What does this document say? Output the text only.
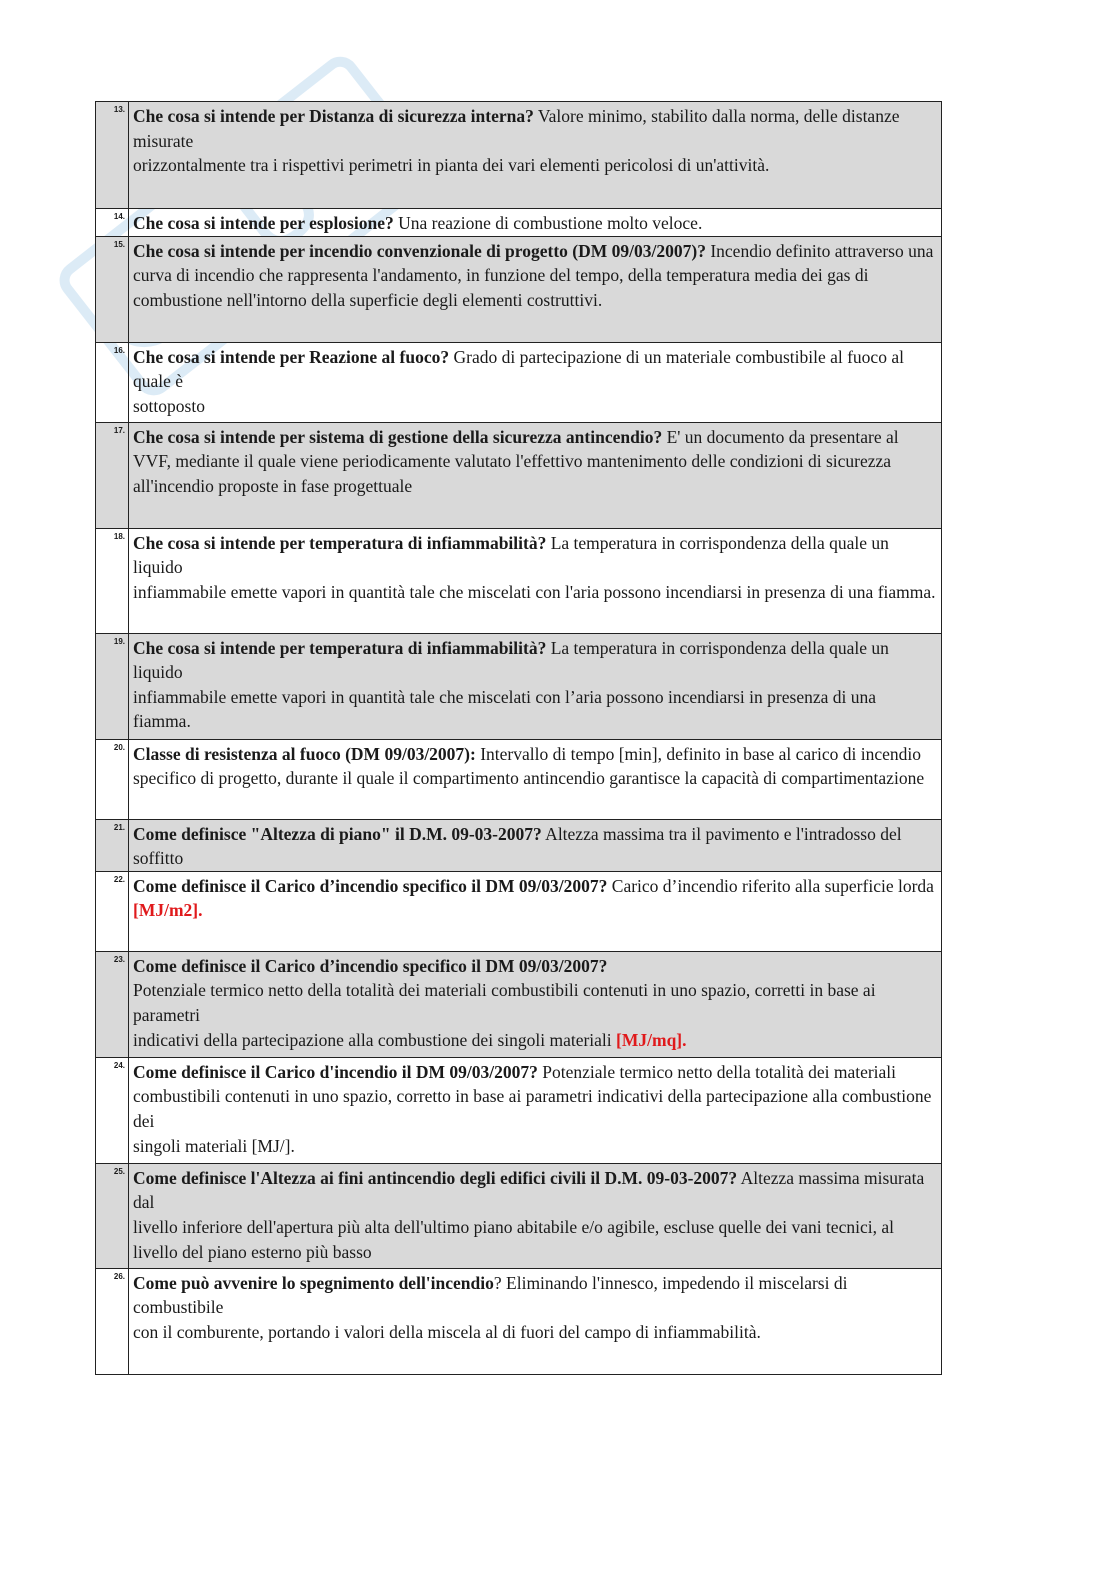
13.	Che cosa si intende per Distanza di sicurezza interna? Valore minimo, stabilito dalla norma, delle distanze misurate
orizzontalmente tra i rispettivi perimetri in pianta dei vari elementi pericolosi di un'attività.

14.	Che cosa si intende per esplosione? Una reazione di combustione molto veloce.
15.	Che cosa si intende per incendio convenzionale di progetto (DM 09/03/2007)? Incendio definito attraverso una curva di incendio che rappresenta l'andamento, in funzione del tempo, della temperatura media dei gas di combustione nell'intorno della superficie degli elementi costruttivi.
16.	Che cosa si intende per Reazione al fuoco? Grado di partecipazione di un materiale combustibile al fuoco al quale è
sottoposto

17.	Che cosa si intende per sistema di gestione della sicurezza antincendio? E' un documento da presentare al VVF, mediante il quale viene periodicamente valutato l'effettivo mantenimento delle condizioni di sicurezza all'incendio proposte in fase progettuale
18.	Che cosa si intende per temperatura di infiammabilità? La temperatura in corrispondenza della quale un liquido
infiammabile emette vapori in quantità tale che miscelati con l'aria possono incendiarsi in presenza di una fiamma.

19.	Che cosa si intende per temperatura di infiammabilità? La temperatura in corrispondenza della quale un liquido
infiammabile emette vapori in quantità tale che miscelati con l’aria possono incendiarsi in presenza di una fiamma.

20.	Classe di resistenza al fuoco (DM 09/03/2007): Intervallo di tempo [min], definito in base al carico di incendio specifico di progetto, durante il quale il compartimento antincendio garantisce la capacità di compartimentazione
21.	Come definisce "Altezza di piano" il D.M. 09-03-2007? Altezza massima tra il pavimento e l'intradosso del soffitto
22.	Come definisce il Carico d’incendio specifico il DM 09/03/2007? Carico d’incendio riferito alla superficie lorda
[MJ/m2].

23.	Come definisce il Carico d’incendio specifico il DM 09/03/2007?
Potenziale termico netto della totalità dei materiali combustibili contenuti in uno spazio, corretti in base ai parametri
indicativi della partecipazione alla combustione dei singoli materiali [MJ/mq].
24.	Come definisce il Carico d'incendio il DM 09/03/2007? Potenziale termico netto della totalità dei materiali combustibili contenuti in uno spazio, corretto in base ai parametri indicativi della partecipazione alla combustione dei
singoli materiali [MJ/].

25.	Come definisce l'Altezza ai fini antincendio degli edifici civili il D.M. 09-03-2007? Altezza massima misurata dal
livello inferiore dell'apertura più alta dell'ultimo piano abitabile e/o agibile, escluse quelle dei vani tecnici, al livello del piano esterno più basso

26.	Come può avvenire lo spegnimento dell'incendio? Eliminando l'innesco, impedendo il miscelarsi di combustibile
con il comburente, portando i valori della miscela al di fuori del campo di infiammabilità.
